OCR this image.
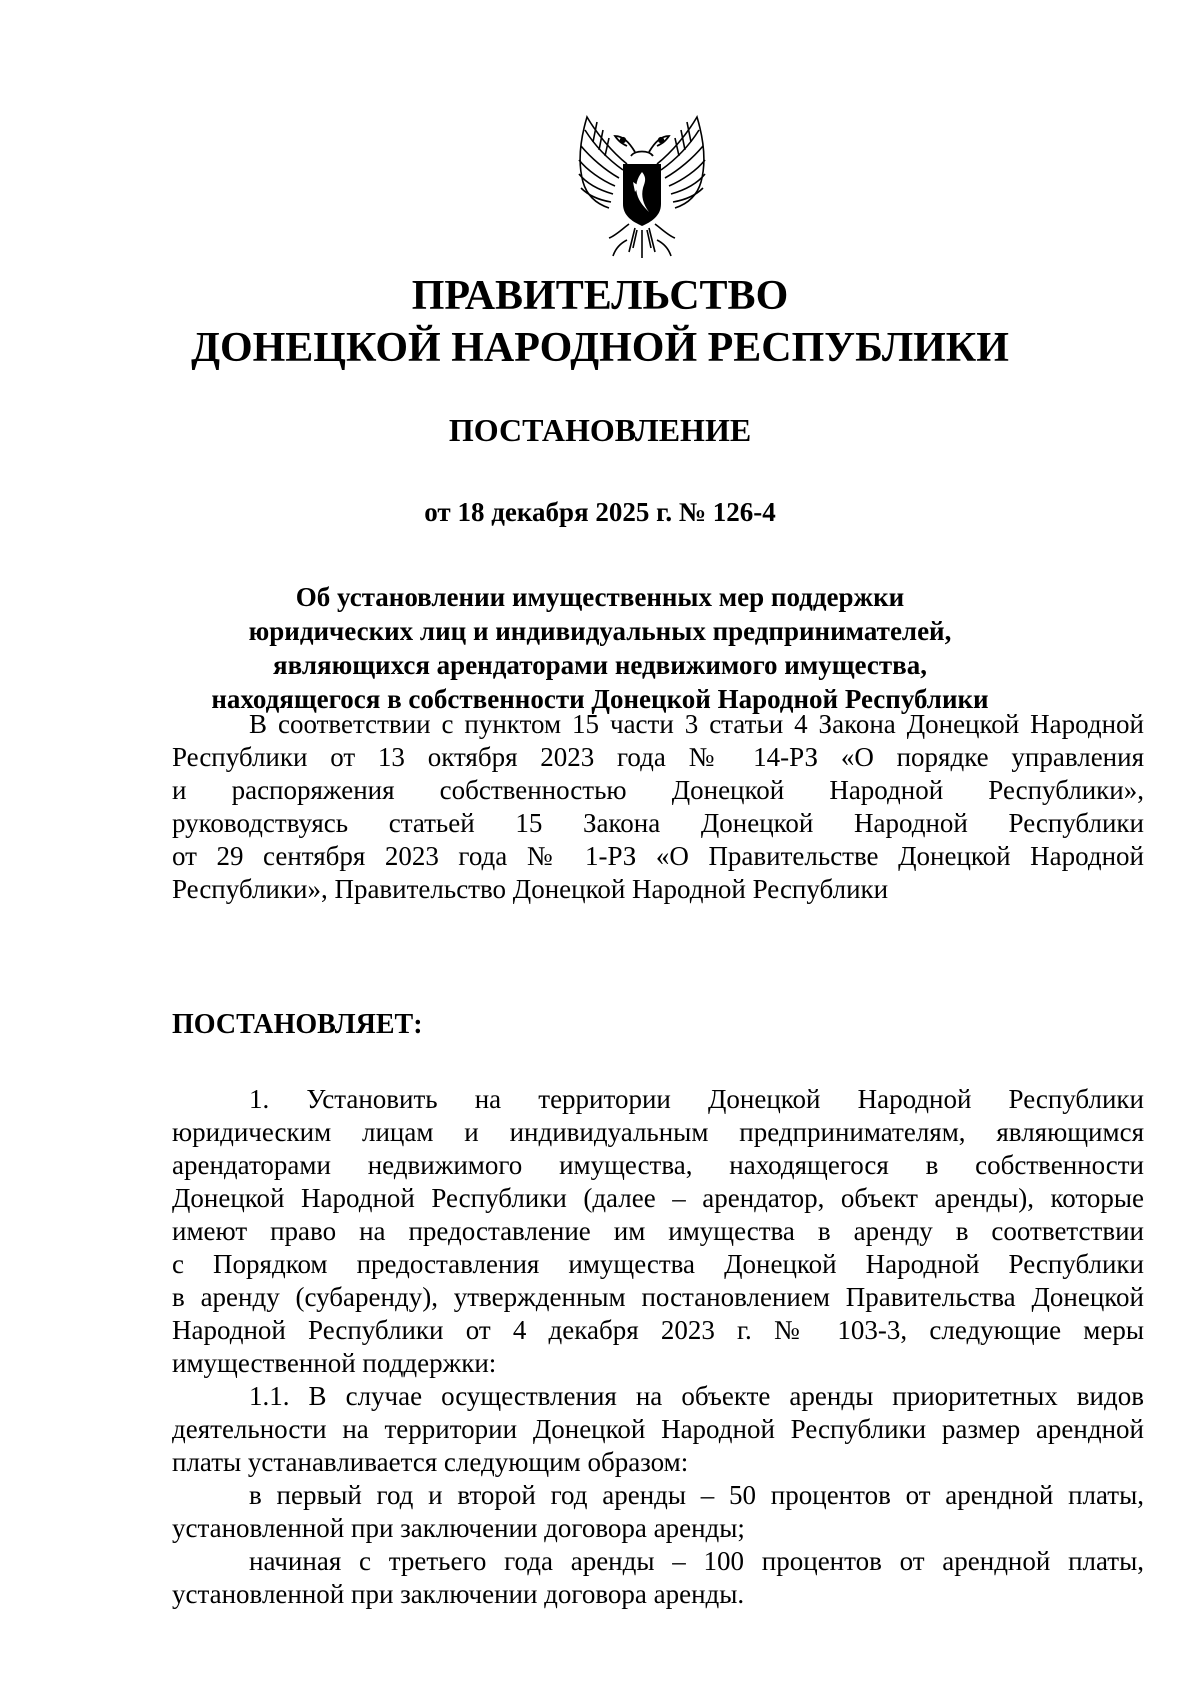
ПРАВИТЕЛЬСТВО

ДОНЕЦКОЙ НАРОДНОЙ РЕСПУБЛИКИ

ПОСТАНОВЛЕНИЕ

от 18 декабря 2025 г. № 126-4

Об установлении имущественных мер поддержки
юридических лиц и индивидуальных предпринимателей,
являющихся арендаторами недвижимого имущества,
находящегося в собственности Донецкой Народной Республики

В соответствии с пунктом 15 части 3 статьи 4 Закона Донецкой Народной
Республики от 13 октября 2023 года № 14-РЗ «О порядке управления
и распоряжения собственностью Донецкой Народной Республики»,
руководствуясь статьей 15 Закона Донецкой Народной Республики
от 29 сентября 2023 года № 1-РЗ «О Правительстве Донецкой Народной
Республики», Правительство Донецкой Народной Республики

ПОСТАНОВЛЯЕТ:

1. Установить на территории Донецкой Народной Республики
юридическим лицам и индивидуальным предпринимателям, являющимся
арендаторами недвижимого имущества, находящегося в собственности
Донецкой Народной Республики (далее – арендатор, объект аренды), которые
имеют право на предоставление им имущества в аренду в соответствии
с Порядком предоставления имущества Донецкой Народной Республики
в аренду (субаренду), утвержденным постановлением Правительства Донецкой
Народной Республики от 4 декабря 2023 г. № 103-3, следующие меры
имущественной поддержки:

1.1. В случае осуществления на объекте аренды приоритетных видов
деятельности на территории Донецкой Народной Республики размер арендной
платы устанавливается следующим образом:

в первый год и второй год аренды – 50 процентов от арендной платы,
установленной при заключении договора аренды;

начиная с третьего года аренды – 100 процентов от арендной платы,
установленной при заключении договора аренды.
